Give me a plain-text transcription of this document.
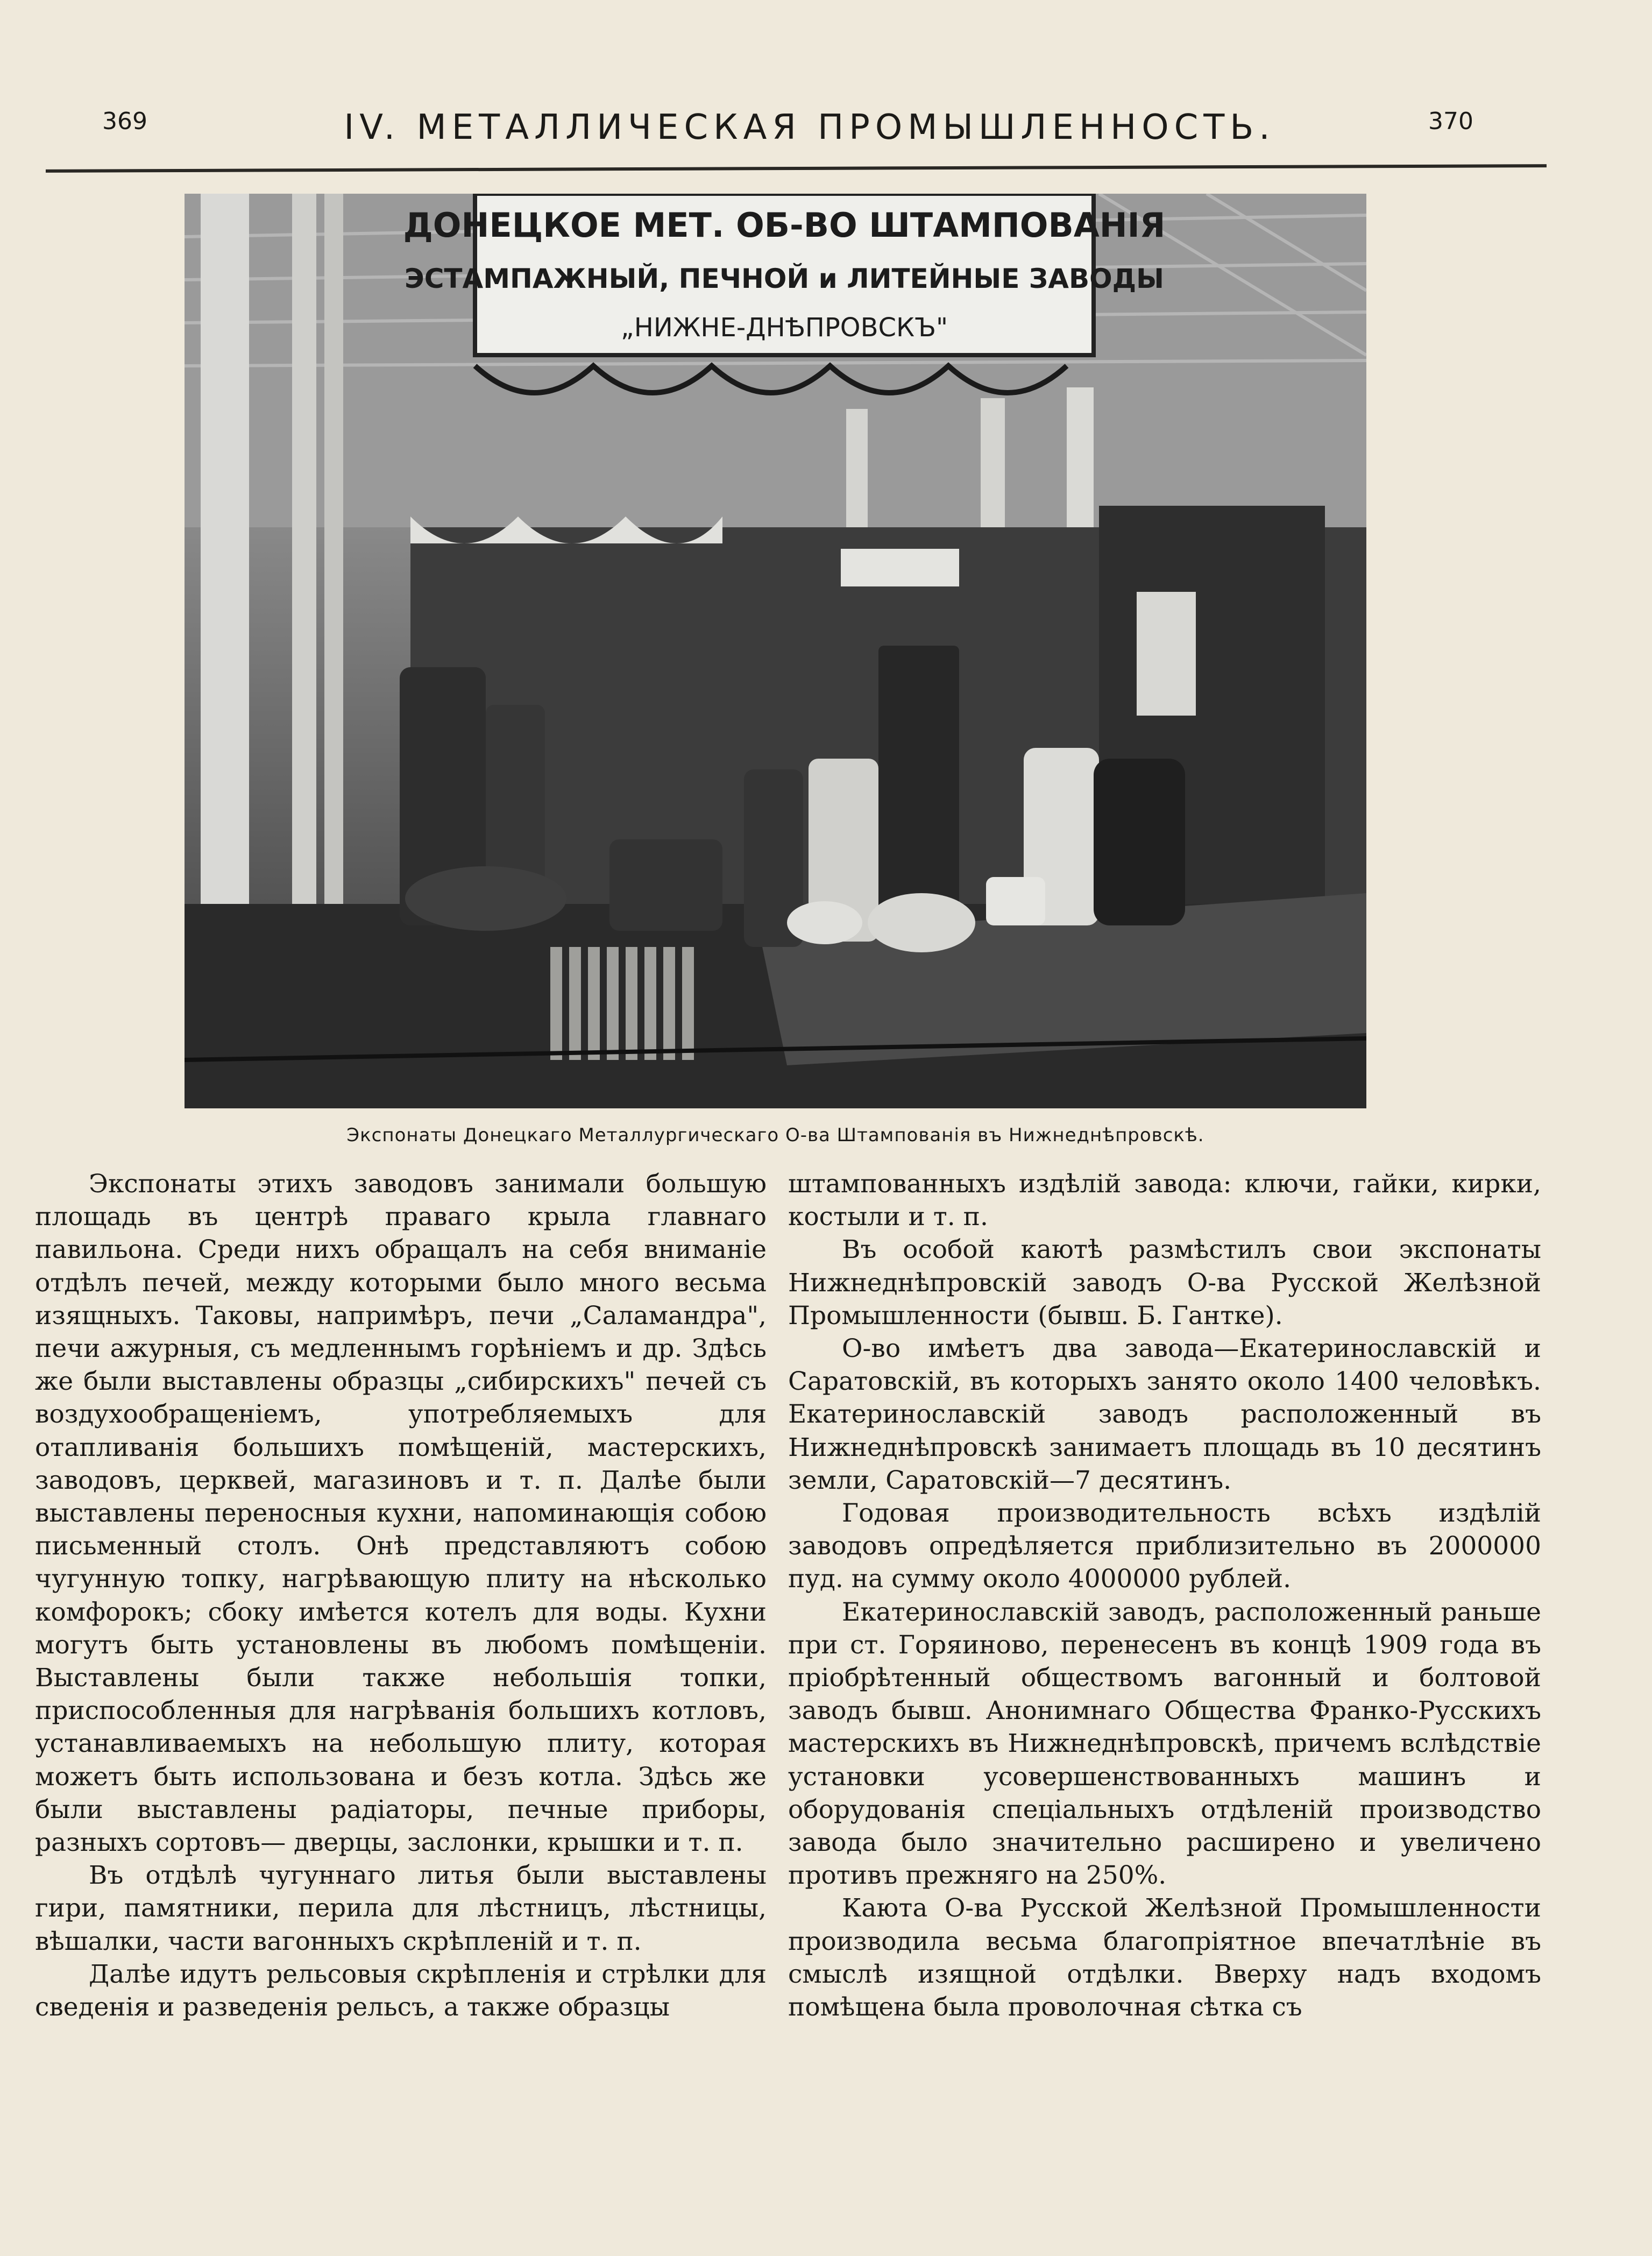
369	IV. МЕТАЛЛИЧЕСКАЯ ПРОМЫШЛЕННОСТЬ.	370
ДОНЕЦКОЕ МЕТ. ОБ-ВО ШТАМПОВАНІЯ
ЭСТАМПАЖНЫЙ, ПЕЧНОЙ и ЛИТЕЙНЫЕ ЗАВОДЫ
„НИЖНЕ-ДНѢПРОВСКЪ"
Экспонаты Донецкаго Металлургическаго О-ва Штампованія въ Нижнеднѣпровскѣ.

Экспонаты этихъ заводовъ занимали большую площадь въ центрѣ праваго крыла главнаго павильона. Среди нихъ обращалъ на себя вниманіе отдѣлъ печей, между которыми было много весьма изящныхъ. Таковы, напримѣръ, печи „Саламандра", печи ажурныя, съ медленнымъ горѣніемъ и др. Здѣсь же были выставлены образцы „сибирскихъ" печей съ воздухообращеніемъ, употребляемыхъ для отапливанія большихъ помѣщеній, мастерскихъ, заводовъ, церквей, магазиновъ и т. п. Далѣе были выставлены переносныя кухни, напоминающія собою письменный столъ. Онѣ представляютъ собою чугунную топку, нагрѣвающую плиту на нѣсколько комфорокъ; сбоку имѣется котелъ для воды. Кухни могутъ быть установлены въ любомъ помѣщеніи. Выставлены были также небольшія топки, приспособленныя для нагрѣванія большихъ котловъ, устанавливаемыхъ на небольшую плиту, которая можетъ быть использована и безъ котла. Здѣсь же были выставлены радіаторы, печные приборы, разныхъ сортовъ— дверцы, заслонки, крышки и т. п.

Въ отдѣлѣ чугуннаго литья были выставлены гири, памятники, перила для лѣстницъ, лѣстницы, вѣшалки, части вагонныхъ скрѣпленій и т. п.

Далѣе идутъ рельсовыя скрѣпленія и стрѣлки для сведенія и разведенія рельсъ, а также образцы

штампованныхъ издѣлій завода: ключи, гайки, кирки, костыли и т. п.

Въ особой каютѣ размѣстилъ свои экспонаты Нижнеднѣпровскій заводъ О-ва Русской Желѣзной Промышленности (бывш. Б. Гантке).

О-во имѣетъ два завода—Екатеринославскій и Саратовскій, въ которыхъ занято около 1400 человѣкъ. Екатеринославскій заводъ расположенный въ Нижнеднѣпровскѣ занимаетъ площадь въ 10 десятинъ земли, Саратовскій—7 десятинъ.

Годовая производительность всѣхъ издѣлій заводовъ опредѣляется приблизительно въ 2000000 пуд. на сумму около 4000000 рублей.

Екатеринославскій заводъ, расположенный раньше при ст. Горяиново, перенесенъ въ концѣ 1909 года въ пріобрѣтенный обществомъ вагонный и болтовой заводъ бывш. Анонимнаго Общества Франко-Русскихъ мастерскихъ въ Нижнеднѣпровскѣ, причемъ вслѣдствіе установки усовершенствованныхъ машинъ и оборудованія спеціальныхъ отдѣленій производство завода было значительно расширено и увеличено противъ прежняго на 250%.

Каюта О-ва Русской Желѣзной Промышленности производила весьма благопріятное впечатлѣніе въ смыслѣ изящной отдѣлки. Вверху надъ входомъ помѣщена была проволочная сѣтка съ
